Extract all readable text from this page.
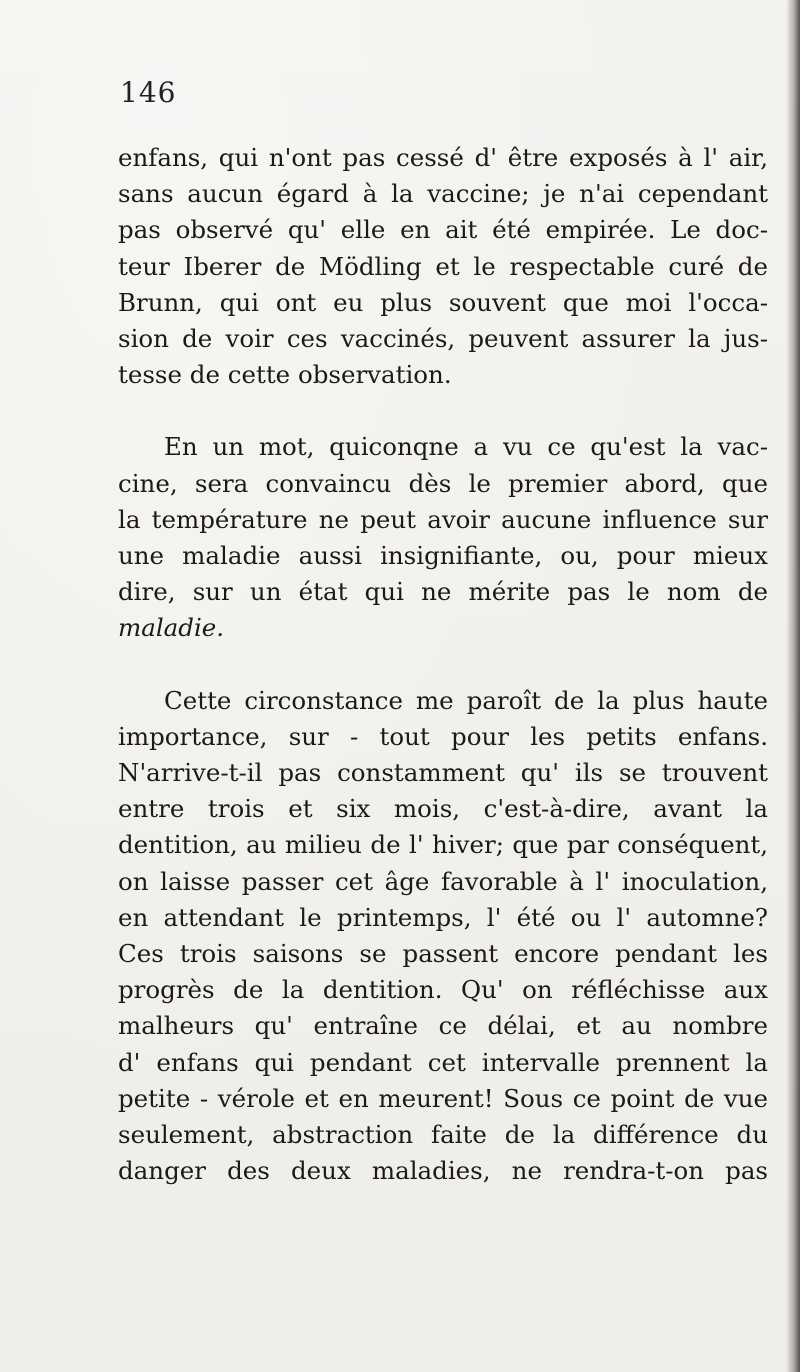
146

enfans, qui n'ont pas cessé d' être exposés à l' air,
sans aucun égard à la vaccine; je n'ai cependant
pas observé qu' elle en ait été empirée. Le doc-
teur Iberer de Mödling et le respectable curé de
Brunn, qui ont eu plus souvent que moi l'occa-
sion de voir ces vaccinés, peuvent assurer la jus-
tesse de cette observation.

En un mot, quiconqne a vu ce qu'est la vac-
cine, sera convaincu dès le premier abord, que
la température ne peut avoir aucune influence sur
une maladie aussi insignifiante, ou, pour mieux
dire, sur un état qui ne mérite pas le nom de
maladie.

Cette circonstance me paroît de la plus haute
importance, sur - tout pour les petits enfans.
N'arrive-t-il pas constamment qu' ils se trouvent
entre trois et six mois, c'est-à-dire, avant la
dentition, au milieu de l' hiver; que par conséquent,
on laisse passer cet âge favorable à l' inoculation,
en attendant le printemps, l' été ou l' automne?
Ces trois saisons se passent encore pendant les
progrès de la dentition. Qu' on réfléchisse aux
malheurs qu' entraîne ce délai, et au nombre
d' enfans qui pendant cet intervalle prennent la
petite - vérole et en meurent! Sous ce point de vue
seulement, abstraction faite de la différence du
danger des deux maladies, ne rendra-t-on pas
